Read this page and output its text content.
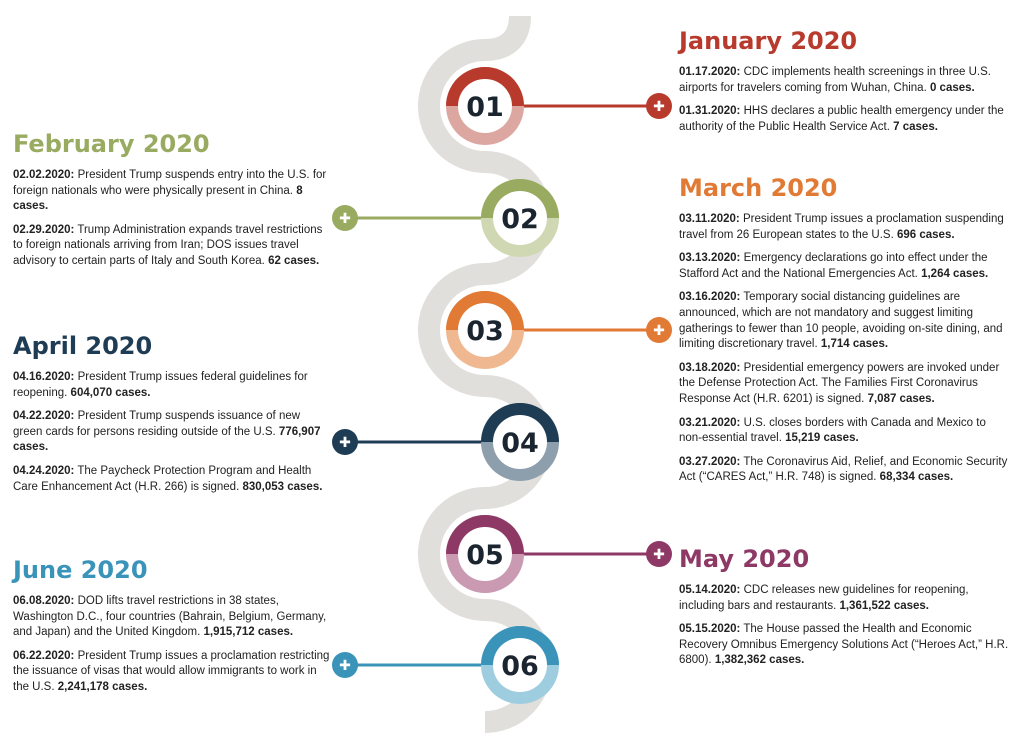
✚
01
✚	02
✚
03
✚	04
✚
05
✚	06
January 2020
01.17.2020: CDC implements health screenings in three U.S. airports for travelers coming from Wuhan, China. 0 cases.
01.31.2020: HHS declares a public health emergency under the authority of the Public Health Service Act. 7 cases.
February 2020
02.02.2020: President Trump suspends entry into the U.S. for foreign nationals who were physically present in China. 8 cases.
02.29.2020: Trump Administration expands travel restrictions to foreign nationals arriving from Iran; DOS issues travel advisory to certain parts of Italy and South Korea. 62 cases.
March 2020
03.11.2020: President Trump issues a proclamation suspending travel from 26 European states to the U.S. 696 cases.
03.13.2020: Emergency declarations go into effect under the Stafford Act and the National Emergencies Act. 1,264 cases.
03.16.2020: Temporary social distancing guidelines are announced, which are not mandatory and suggest limiting gatherings to fewer than 10 people, avoiding on-site dining, and limiting discretionary travel. 1,714 cases.
03.18.2020: Presidential emergency powers are invoked under the Defense Protection Act. The Families First Coronavirus Response Act (H.R. 6201) is signed. 7,087 cases.
03.21.2020: U.S. closes borders with Canada and Mexico to non-essential travel. 15,219 cases.
03.27.2020: The Coronavirus Aid, Relief, and Economic Security Act (“CARES Act,” H.R. 748) is signed. 68,334 cases.
April 2020
04.16.2020: President Trump issues federal guidelines for reopening. 604,070 cases.
04.22.2020: President Trump suspends issuance of new green cards for persons residing outside of the U.S. 776,907 cases.
04.24.2020: The Paycheck Protection Program and Health Care Enhancement Act (H.R. 266) is signed. 830,053 cases.
May 2020
05.14.2020: CDC releases new guidelines for reopening, including bars and restaurants. 1,361,522 cases.
05.15.2020: The House passed the Health and Economic Recovery Omnibus Emergency Solutions Act (“Heroes Act,” H.R. 6800). 1,382,362 cases.
June 2020
06.08.2020: DOD lifts travel restrictions in 38 states, Washington D.C., four countries (Bahrain, Belgium, Germany, and Japan) and the United Kingdom. 1,915,712 cases.
06.22.2020: President Trump issues a proclamation restricting the issuance of visas that would allow immigrants to work in the U.S. 2,241,178 cases.
